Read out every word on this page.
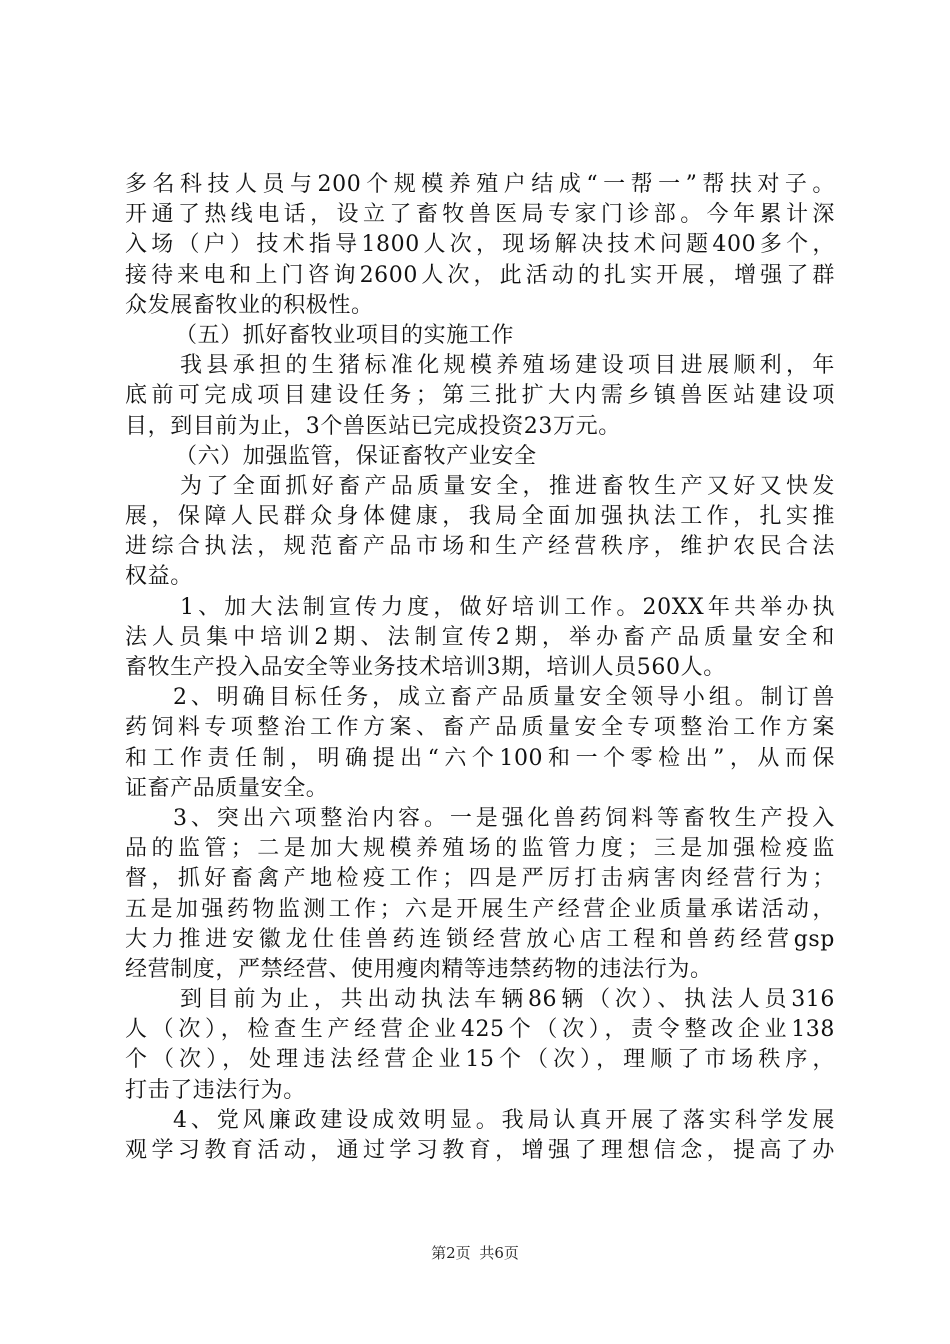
多名科技人员与200个规模养殖户结成“一帮一”帮扶对子。
开通了热线电话，设立了畜牧兽医局专家门诊部。今年累计深
入场（户）技术指导1800人次，现场解决技术问题400多个，
接待来电和上门咨询2600人次，此活动的扎实开展，增强了群
众发展畜牧业的积极性。
（五）抓好畜牧业项目的实施工作
我县承担的生猪标准化规模养殖场建设项目进展顺利，年
底前可完成项目建设任务；第三批扩大内需乡镇兽医站建设项
目，到目前为止，3个兽医站已完成投资23万元。
（六）加强监管，保证畜牧产业安全
为了全面抓好畜产品质量安全，推进畜牧生产又好又快发
展，保障人民群众身体健康，我局全面加强执法工作，扎实推
进综合执法，规范畜产品市场和生产经营秩序，维护农民合法
权益。
1、加大法制宣传力度，做好培训工作。20XX年共举办执
法人员集中培训2期、法制宣传2期，举办畜产品质量安全和
畜牧生产投入品安全等业务技术培训3期，培训人员560人。
2、明确目标任务，成立畜产品质量安全领导小组。制订兽
药饲料专项整治工作方案、畜产品质量安全专项整治工作方案
和工作责任制，明确提出“六个100和一个零检出”，从而保
证畜产品质量安全。
3、突出六项整治内容。一是强化兽药饲料等畜牧生产投入
品的监管；二是加大规模养殖场的监管力度；三是加强检疫监
督，抓好畜禽产地检疫工作；四是严厉打击病害肉经营行为；
五是加强药物监测工作；六是开展生产经营企业质量承诺活动，
大力推进安徽龙仕佳兽药连锁经营放心店工程和兽药经营gsp
经营制度，严禁经营、使用瘦肉精等违禁药物的违法行为。
到目前为止，共出动执法车辆86辆（次）、执法人员316
人（次），检查生产经营企业425个（次），责令整改企业138
个（次），处理违法经营企业15个（次），理顺了市场秩序，
打击了违法行为。
4、党风廉政建设成效明显。我局认真开展了落实科学发展
观学习教育活动，通过学习教育，增强了理想信念，提高了办
第2页 共6页
